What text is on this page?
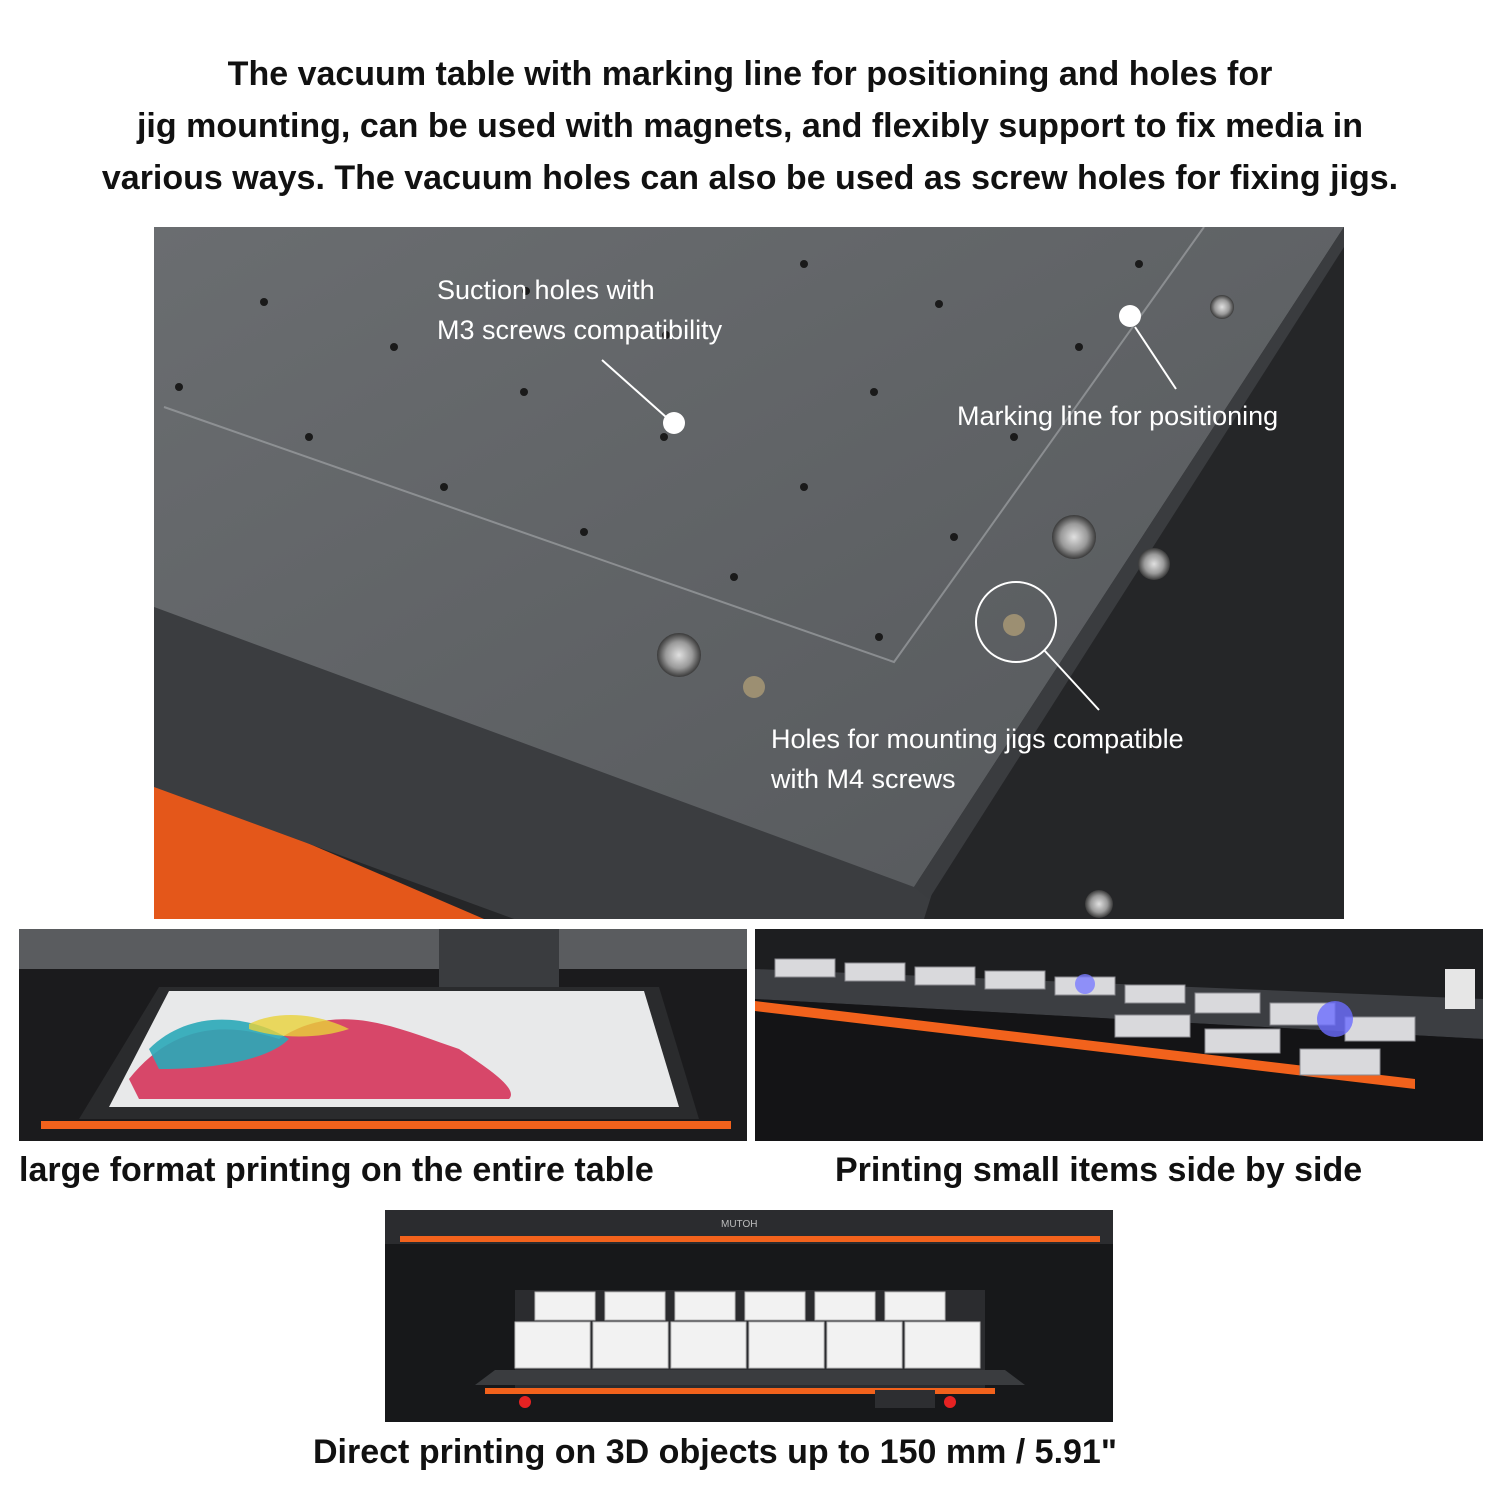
The vacuum table with marking line for positioning and holes for
jig mounting, can be used with magnets, and flexibly support to fix media in
various ways. The vacuum holes can also be used as screw holes for fixing jigs.
Suction holes with
M3 screws compatibility
Marking line for positioning
Holes for mounting jigs compatible
with M4 screws
MUTOH
large format printing on the entire table	Printing small items side by side
Direct printing on 3D objects up to 150 mm / 5.91"
